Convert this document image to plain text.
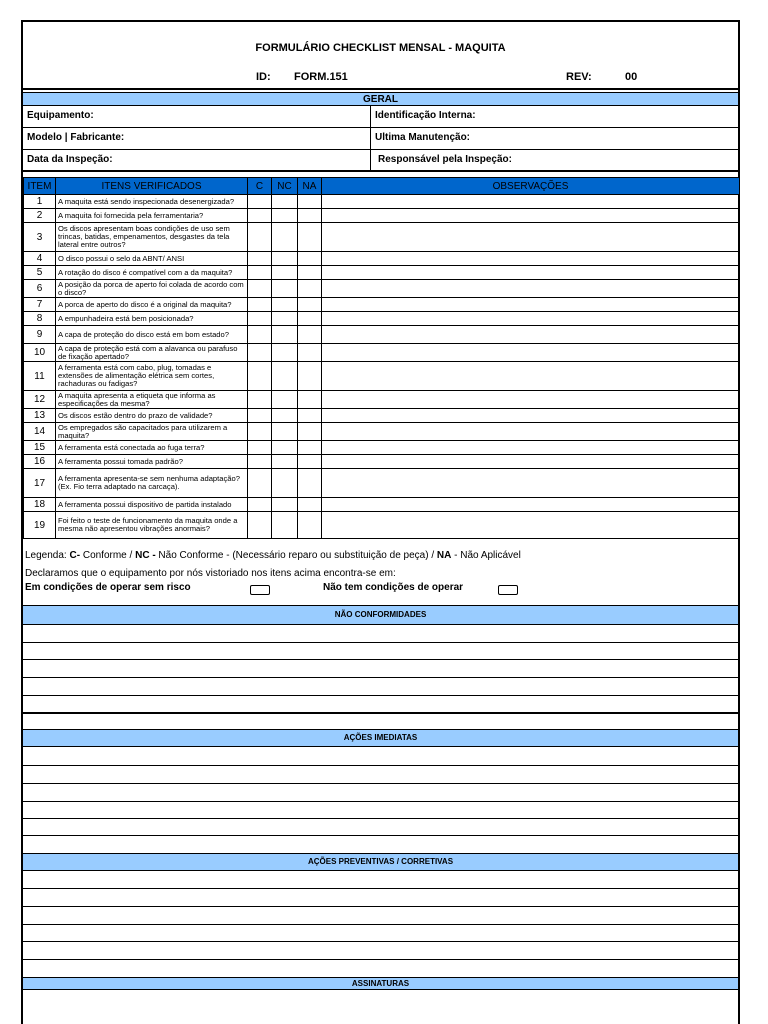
FORMULÁRIO CHECKLIST MENSAL - MAQUITA
ID: FORM.151	REV:	00
GERAL
Equipamento:	Identificação Interna:
Modelo | Fabricante:	Ultima Manutenção:
Data da Inspeção:	Responsável pela Inspeção:
ITEM	ITENS VERIFICADOS	C	NC	NA	OBSERVAÇÕES
1	A maquita está sendo inspecionada desenergizada?				
2	A maquita foi fornecida pela ferramentaria?				
3	Os discos apresentam boas condições de uso sem trincas, batidas, empenamentos, desgastes da tela lateral entre outros?				
4	O disco possui o selo da ABNT/ ANSI				
5	A rotação do disco é compatível com a da maquita?				
6	A posição da porca de aperto foi colada de acordo com o disco?				
7	A porca de aperto do disco é a original da maquita?				
8	A empunhadeira está bem posicionada?				
9	A capa de proteção do disco está em bom estado?				
10	A capa de proteção está com a alavanca ou parafuso de fixação apertado?				
11	A ferramenta está com cabo, plug, tomadas e extensões de alimentação elétrica sem cortes, rachaduras ou fadigas?				
12	A maquita apresenta a etiqueta que informa as especificações da mesma?				
13	Os discos estão dentro do prazo de validade?				
14	Os empregados são capacitados para utilizarem a maquita?				
15	A ferramenta está conectada ao fuga terra?				
16	A ferramenta possui tomada padrão?				
17	A ferramenta apresenta-se sem nenhuma adaptação? (Ex. Fio terra adaptado na carcaça).				
18	A ferramenta possui dispositivo de partida instalado				
19	Foi feito o teste de funcionamento da maquita onde a mesma não apresentou vibrações anormais?				
Legenda: C- Conforme / NC - Não Conforme - (Necessário reparo ou substituição de peça) / NA - Não Aplicável
Declaramos que o equipamento por nós vistoriado nos itens acima encontra-se em:
Em condições de operar sem risco	Não tem condições de operar
NÃO CONFORMIDADES
AÇÕES IMEDIATAS
AÇÕES PREVENTIVAS / CORRETIVAS
ASSINATURAS
